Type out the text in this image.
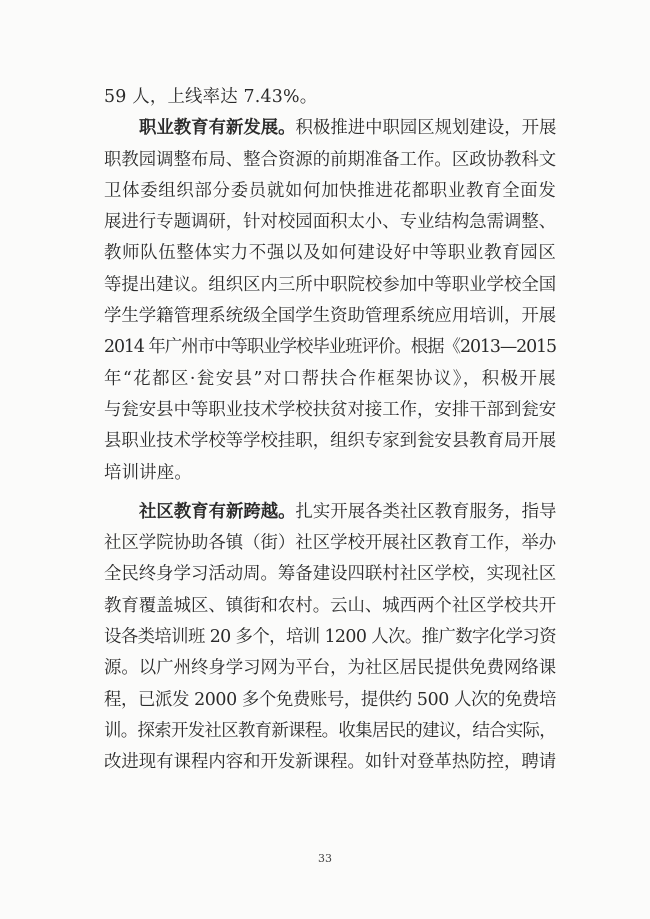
59 人，上线率达 7.43%。
职业教育有新发展。积极推进中职园区规划建设，开展
职教园调整布局、整合资源的前期准备工作。区政协教科文
卫体委组织部分委员就如何加快推进花都职业教育全面发
展进行专题调研，针对校园面积太小、专业结构急需调整、
教师队伍整体实力不强以及如何建设好中等职业教育园区
等提出建议。组织区内三所中职院校参加中等职业学校全国
学生学籍管理系统级全国学生资助管理系统应用培训，开展
2014 年广州市中等职业学校毕业班评价。根据《2013—2015
年“花都区·瓮安县”对口帮扶合作框架协议》，积极开展
与瓮安县中等职业技术学校扶贫对接工作，安排干部到瓮安
县职业技术学校等学校挂职，组织专家到瓮安县教育局开展
培训讲座。
社区教育有新跨越。扎实开展各类社区教育服务，指导
社区学院协助各镇（街）社区学校开展社区教育工作，举办
全民终身学习活动周。筹备建设四联村社区学校，实现社区
教育覆盖城区、镇街和农村。云山、城西两个社区学校共开
设各类培训班 20 多个，培训 1200 人次。推广数字化学习资
源。以广州终身学习网为平台，为社区居民提供免费网络课
程，已派发 2000 多个免费账号，提供约 500 人次的免费培
训。探索开发社区教育新课程。收集居民的建议，结合实际，
改进现有课程内容和开发新课程。如针对登革热防控，聘请
33
